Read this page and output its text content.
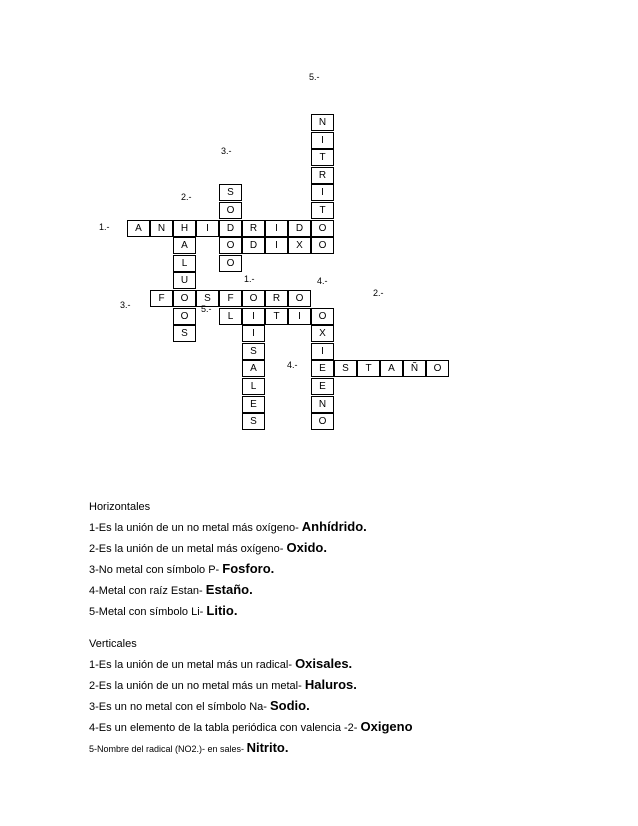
A	N	H	I	D	R	I	D	O
1.-
O	D	I	X	O
2.-
F	O	S	F	O	R	O
3.-
L	I	T	I	O
5.-
E	S	T	A	Ñ	O
4.-
I
S
A
L
E
S
1.-
A
L
U
O
S
2.-	S
O
O
3.-
X
I
E
N
O
4.-
N
I
T
R
I
T
5.-
Horizontales
1-Es la unión de un no metal más oxígeno- Anhídrido.
2-Es la unión de un metal más oxígeno- Oxido.
3-No metal con símbolo P- Fosforo.
4-Metal con raíz Estan- Estaño.
5-Metal con símbolo Li- Litio.
Verticales
1-Es la unión de un metal más un radical- Oxisales.
2-Es la unión de un no metal más un metal- Haluros.
3-Es un no metal con el símbolo Na- Sodio.
4-Es un elemento de la tabla periódica con valencia -2- Oxigeno
5-Nombre del radical (NO2.)- en sales- Nitrito.
